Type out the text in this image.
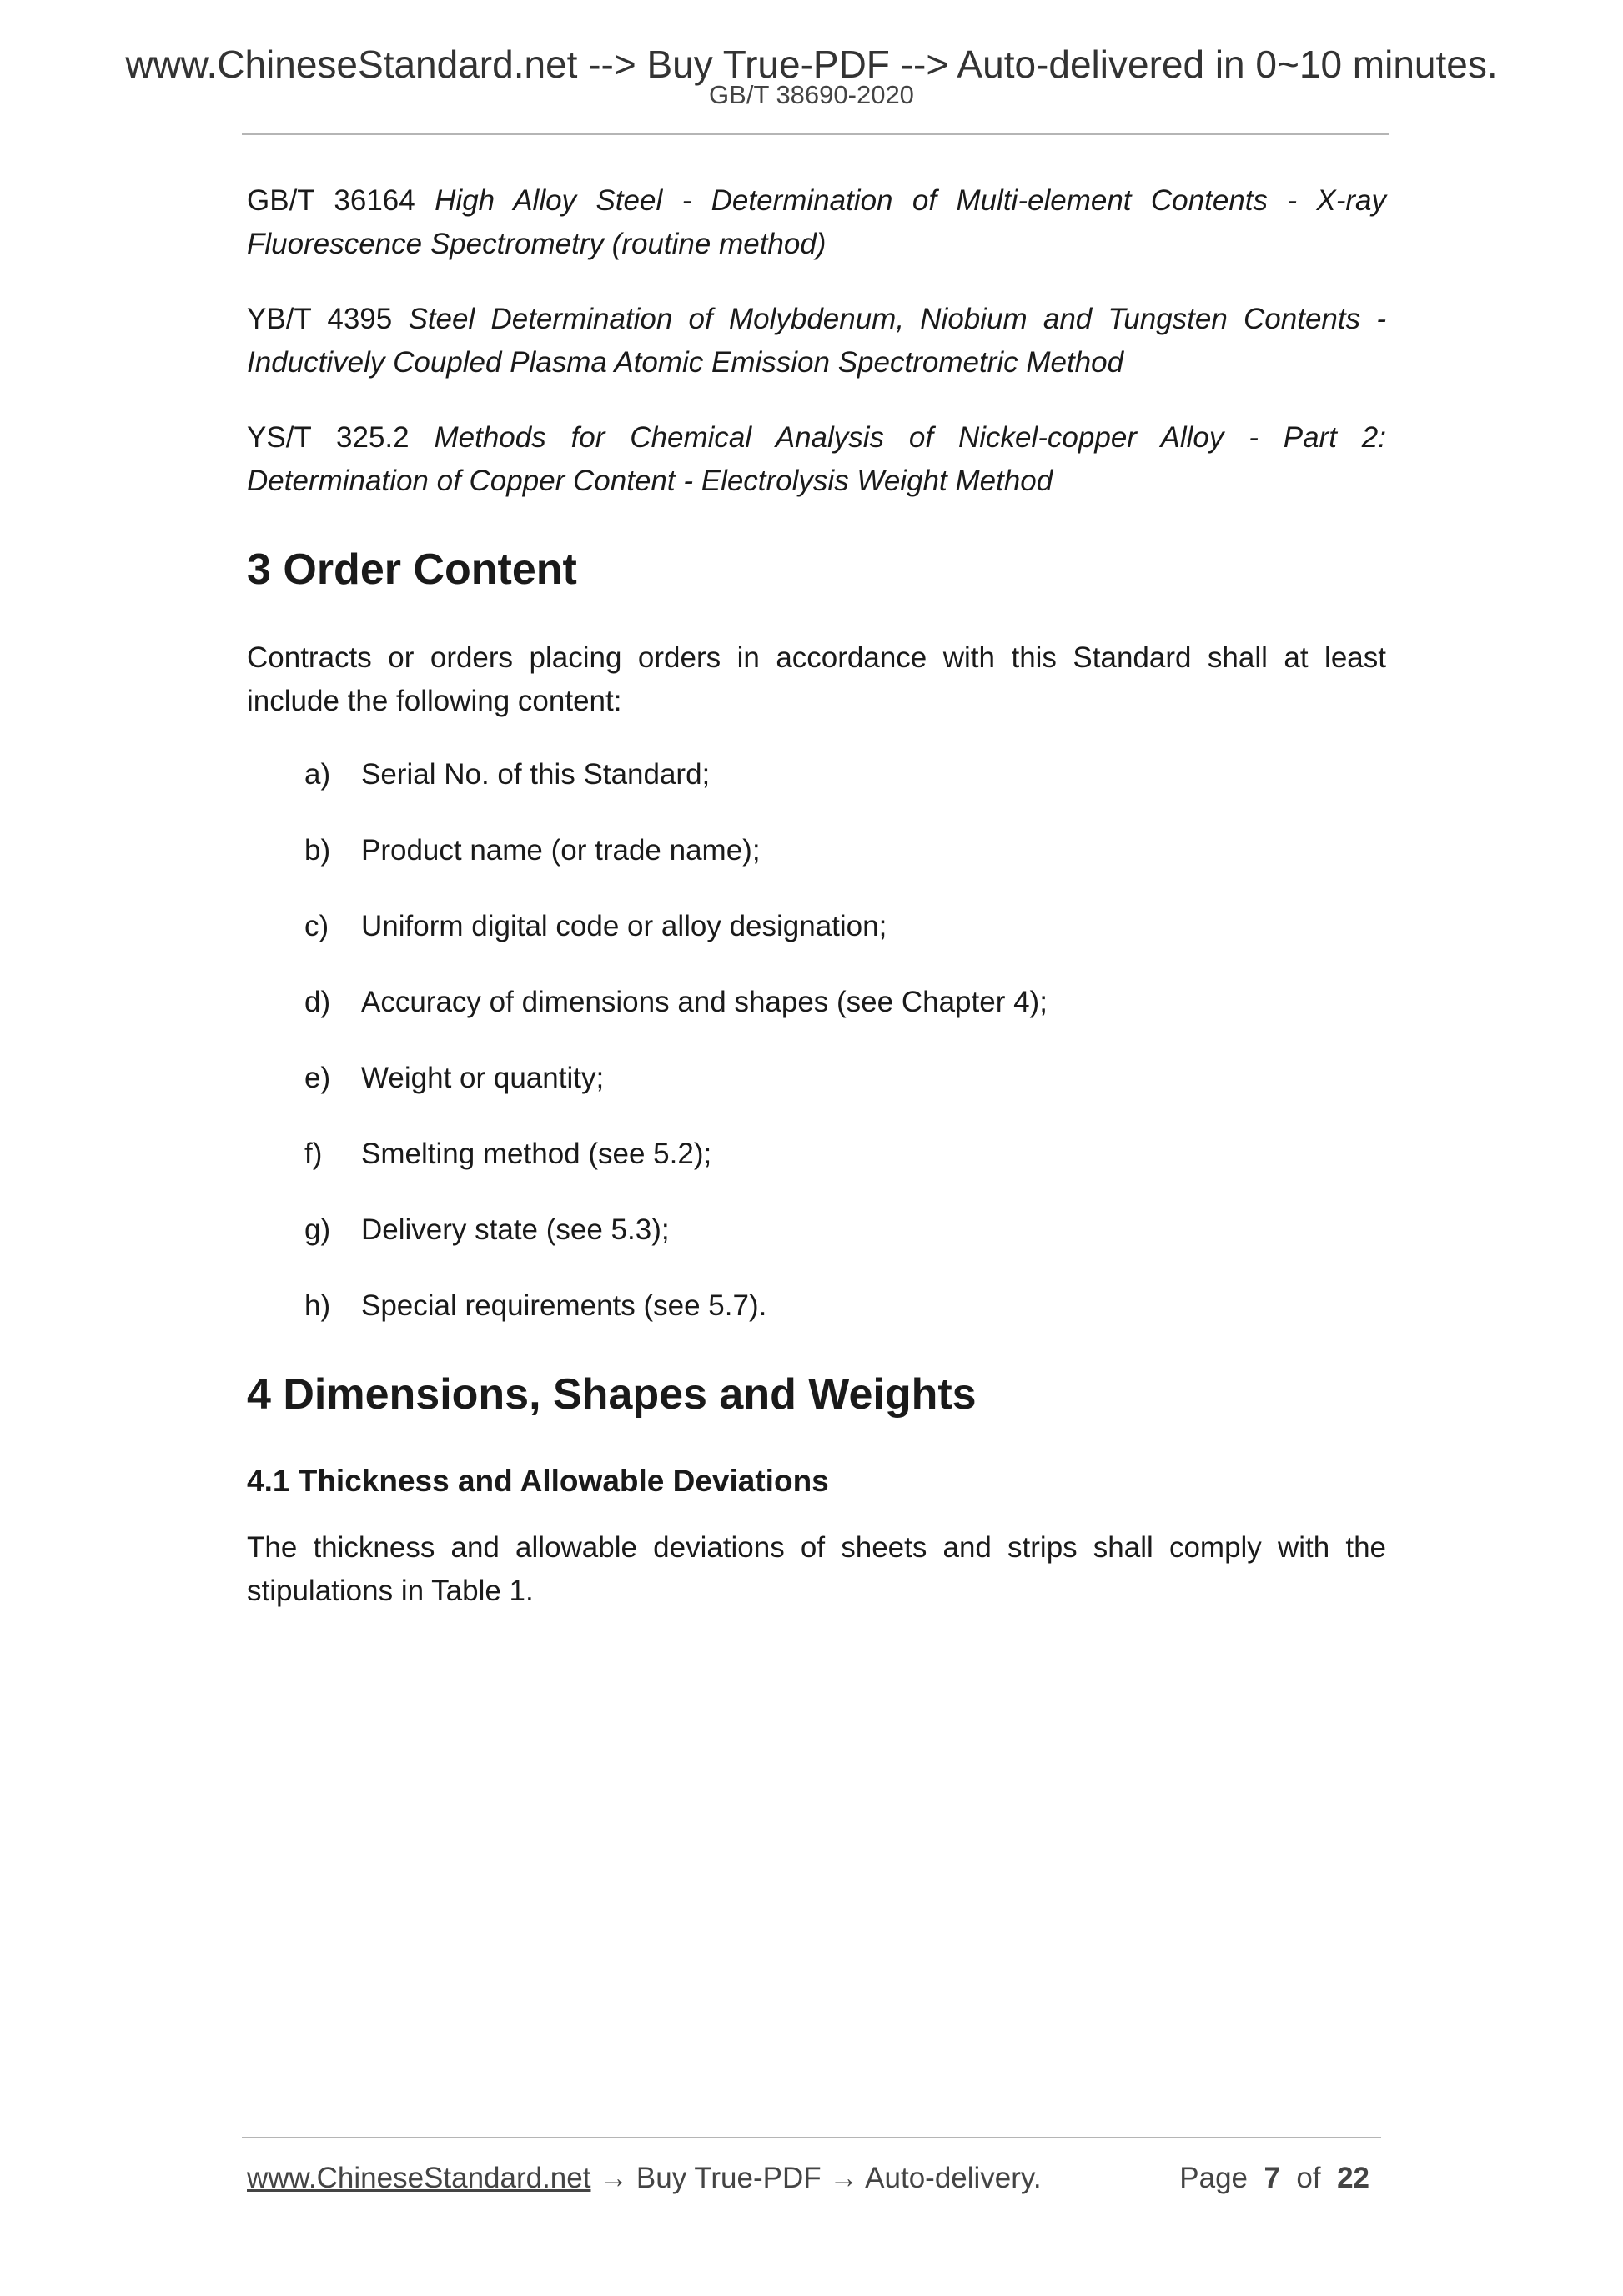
www.ChineseStandard.net --> Buy True-PDF --> Auto-delivered in 0~10 minutes.
GB/T 38690-2020

GB/T 36164 High Alloy Steel - Determination of Multi-element Contents - X-ray Fluorescence Spectrometry (routine method)

YB/T 4395 Steel Determination of Molybdenum, Niobium and Tungsten Contents - Inductively Coupled Plasma Atomic Emission Spectrometric Method

YS/T 325.2 Methods for Chemical Analysis of Nickel-copper Alloy - Part 2: Determination of Copper Content - Electrolysis Weight Method

3 Order Content

Contracts or orders placing orders in accordance with this Standard shall at least include the following content:

a)	Serial No. of this Standard;
b)	Product name (or trade name);
c)	Uniform digital code or alloy designation;
d)	Accuracy of dimensions and shapes (see Chapter 4);
e)	Weight or quantity;
f)	Smelting method (see 5.2);
g)	Delivery state (see 5.3);
h)	Special requirements (see 5.7).
4 Dimensions, Shapes and Weights
4.1 Thickness and Allowable Deviations

The thickness and allowable deviations of sheets and strips shall comply with the stipulations in Table 1.

www.ChineseStandard.net → Buy True-PDF → Auto-delivery.	Page 7 of 22
